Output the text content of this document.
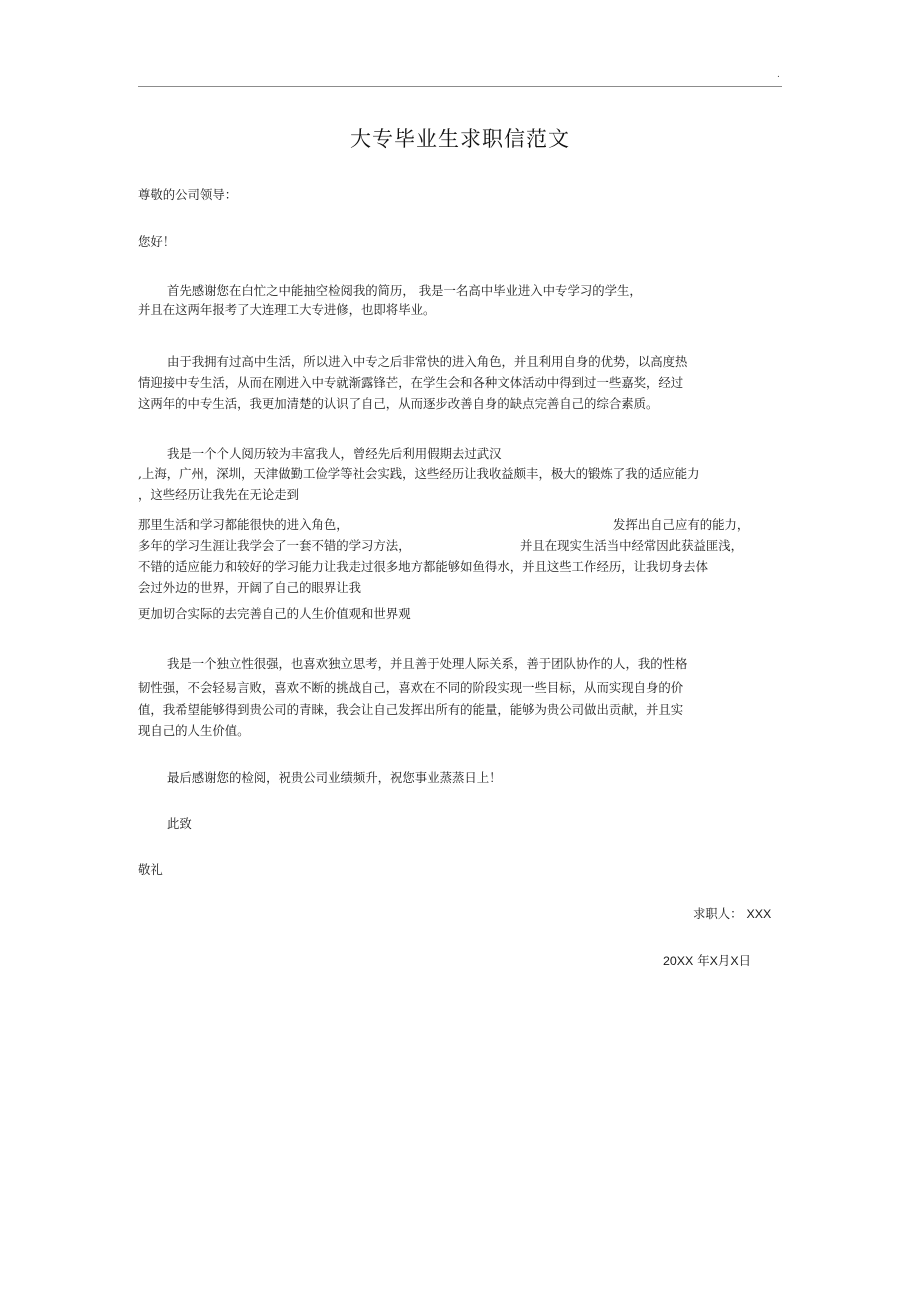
.
大专毕业生求职信范文
尊敬的公司领导：
您好！
首先感谢您在白忙之中能抽空检阅我的简历， 我是一名高中毕业进入中专学习的学生，
并且在这两年报考了大连理工大专进修，也即将毕业。
由于我拥有过高中生活，所以进入中专之后非常快的进入角色，并且利用自身的优势，以高度热
情迎接中专生活，从而在刚进入中专就渐露锋芒，在学生会和各种文体活动中得到过一些嘉奖，经过
这两年的中专生活，我更加清楚的认识了自己，从而逐步改善自身的缺点完善自己的综合素质。
我是一个个人阅历较为丰富我人，曾经先后利用假期去过武汉
,上海，广州，深圳，天津做勤工俭学等社会实践，这些经历让我收益颇丰，极大的锻炼了我的适应能力
，这些经历让我先在无论走到
那里生活和学习都能很快的进入角色，	发挥出自己应有的能力，
多年的学习生涯让我学会了一套不错的学习方法，	并且在现实生活当中经常因此获益匪浅，
不错的适应能力和较好的学习能力让我走过很多地方都能够如鱼得水，并且这些工作经历，让我切身去体
会过外边的世界，开阔了自己的眼界让我
更加切合实际的去完善自己的人生价值观和世界观
我是一个独立性很强，也喜欢独立思考，并且善于处理人际关系，善于团队协作的人，我的性格
韧性强，不会轻易言败，喜欢不断的挑战自己，喜欢在不同的阶段实现一些目标，从而实现自身的价
值，我希望能够得到贵公司的青睐，我会让自己发挥出所有的能量，能够为贵公司做出贡献，并且实
现自己的人生价值。
最后感谢您的检阅，祝贵公司业绩频升，祝您事业蒸蒸日上！
此致
敬礼
求职人： XXX
20XX 年X月X日
